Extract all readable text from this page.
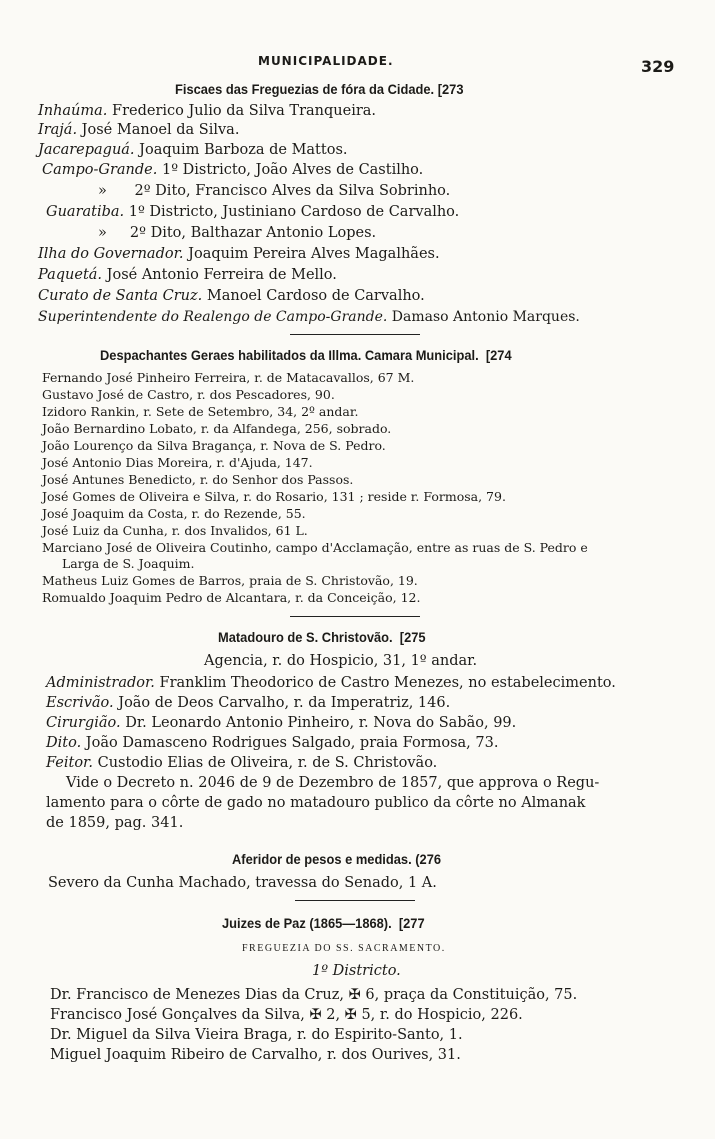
MUNICIPALIDADE.	329
Fiscaes das Freguezias de fóra da Cidade. [273
Inhaúma. Frederico Julio da Silva Tranqueira.
Irajá. José Manoel da Silva.
Jacarepaguá. Joaquim Barboza de Mattos.
Campo-Grande. 1º Districto, João Alves de Castilho.
» 2º Dito, Francisco Alves da Silva Sobrinho.
Guaratiba. 1º Districto, Justiniano Cardoso de Carvalho.
» 2º Dito, Balthazar Antonio Lopes.
Ilha do Governador. Joaquim Pereira Alves Magalhães.
Paquetá. José Antonio Ferreira de Mello.
Curato de Santa Cruz. Manoel Cardoso de Carvalho.
Superintendente do Realengo de Campo-Grande. Damaso Antonio Marques.
Despachantes Geraes habilitados da Illma. Camara Municipal. [274
Fernando José Pinheiro Ferreira, r. de Matacavallos, 67 M.
Gustavo José de Castro, r. dos Pescadores, 90.
Izidoro Rankin, r. Sete de Setembro, 34, 2º andar.
João Bernardino Lobato, r. da Alfandega, 256, sobrado.
João Lourenço da Silva Bragança, r. Nova de S. Pedro.
José Antonio Dias Moreira, r. d'Ajuda, 147.
José Antunes Benedicto, r. do Senhor dos Passos.
José Gomes de Oliveira e Silva, r. do Rosario, 131 ; reside r. Formosa, 79.
José Joaquim da Costa, r. do Rezende, 55.
José Luiz da Cunha, r. dos Invalidos, 61 L.
Marciano José de Oliveira Coutinho, campo d'Acclamação, entre as ruas de S. Pedro e
Larga de S. Joaquim.
Matheus Luiz Gomes de Barros, praia de S. Christovão, 19.
Romualdo Joaquim Pedro de Alcantara, r. da Conceição, 12.
Matadouro de S. Christovão. [275
Agencia, r. do Hospicio, 31, 1º andar.
Administrador. Franklim Theodorico de Castro Menezes, no estabelecimento.
Escrivão. João de Deos Carvalho, r. da Imperatriz, 146.
Cirurgião. Dr. Leonardo Antonio Pinheiro, r. Nova do Sabão, 99.
Dito. João Damasceno Rodrigues Salgado, praia Formosa, 73.
Feitor. Custodio Elias de Oliveira, r. de S. Christovão.
Vide o Decreto n. 2046 de 9 de Dezembro de 1857, que approva o Regu-
lamento para o côrte de gado no matadouro publico da côrte no Almanak
de 1859, pag. 341.
Aferidor de pesos e medidas. (276
Severo da Cunha Machado, travessa do Senado, 1 A.
Juizes de Paz (1865—1868). [277
FREGUEZIA DO SS. SACRAMENTO.
1º Districto.
Dr. Francisco de Menezes Dias da Cruz, ✠ 6, praça da Constituição, 75.
Francisco José Gonçalves da Silva, ✠ 2, ✠ 5, r. do Hospicio, 226.
Dr. Miguel da Silva Vieira Braga, r. do Espirito-Santo, 1.
Miguel Joaquim Ribeiro de Carvalho, r. dos Ourives, 31.
